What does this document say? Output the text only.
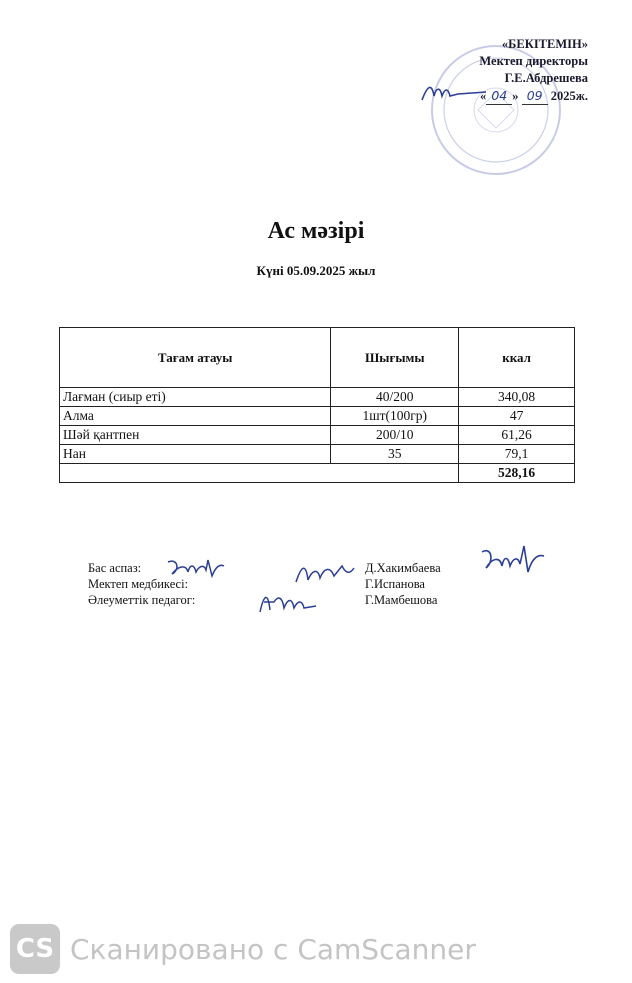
«БЕКІТЕМІН»
Мектеп директоры
Г.Е.Абдрешева
« 04 » 09 2025ж.
Ас мәзірі
Күні 05.09.2025 жыл
Тағам атауы	Шығымы	ккал
Лағман (сиыр еті)	40/200	340,08
Алма	1шт(100гр)	47
Шәй қантпен	200/10	61,26
Нан	35	79,1
		528,16
Бас аспаз:
Мектеп медбикесі:
Әлеуметтік педагог:
Д.Хакимбаева
Г.Испанова
Г.Мамбешова
CS Сканировано с CamScanner
